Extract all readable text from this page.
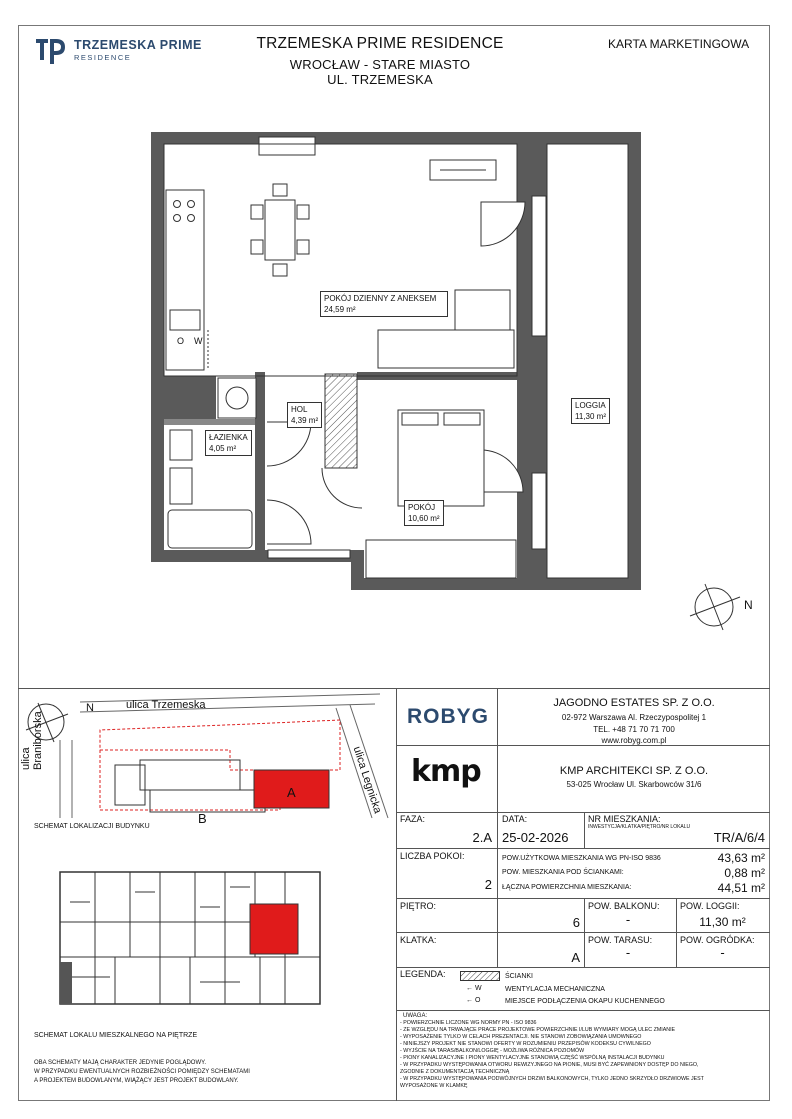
TRZEMESKA PRIME
RESIDENCE
TRZEMESKA PRIME RESIDENCE
WROCŁAW - STARE MIASTO
UL. TRZEMESKA
KARTA MARKETINGOWA
W
O
N
POKÓJ DZIENNY Z ANEKSEM
24,59 m²
LOGGIA
11,30 m²
HOL
4,39 m²
ŁAZIENKA
4,05 m²
POKÓJ
10,60 m²
ulica Trzemeska
ulica Braniborska
ulica Legnicka
N
A
B
SCHEMAT LOKALIZACJI BUDYNKU
SCHEMAT LOKALU MIESZKALNEGO NA PIĘTRZE
OBA SCHEMATY MAJĄ CHARAKTER JEDYNIE POGLĄDOWY.
W PRZYPADKU EWENTUALNYCH ROZBIEŻNOŚCI POMIĘDZY SCHEMATAMI
A PROJEKTEM BUDOWLANYM, WIĄŻĄCY JEST PROJEKT BUDOWLANY.
ROBYG
JAGODNO ESTATES SP. Z O.O.
02-972 Warszawa Al. Rzeczypospolitej 1
TEL. +48 71 70 71 700
www.robyg.com.pl
kmp	KMP ARCHITEKCI SP. Z O.O.
53-025 Wrocław Ul. Skarbowców 31/6
FAZA:
2.A
DATA:
25-02-2026
NR MIESZKANIA:
INWESTYCJA/KLATKA/PIĘTRO/NR LOKALU
TR/A/6/4
LICZBA POKOI:
2
POW.UŻYTKOWA MIESZKANIA WG PN-ISO 9836	43,63 m²
POW. MIESZKANIA POD ŚCIANKAMI:	0,88 m²
ŁĄCZNA POWIERZCHNIA MIESZKANIA:	44,51 m²
PIĘTRO:
6
POW. BALKONU:
-
POW. LOGGII:
11,30 m²
KLATKA:
A
POW. TARASU:
-
POW. OGRÓDKA:
-
LEGENDA:	ŚCIANKI
← W	WENTYLACJA MECHANICZNA
← O	MIEJSCE PODŁĄCZENIA OKAPU KUCHENNEGO
UWAGA:
- POWIERZCHNIE LICZONE WG NORMY PN - ISO 9836
- ZE WZGLĘDU NA TRWAJĄCE PRACE PROJEKTOWE POWIERZCHNIE I/LUB WYMIARY MOGĄ ULEC ZMIANIE
- WYPOSAŻENIE TYLKO W CELACH PREZENTACJI. NIE STANOWI ZOBOWIĄZANIA UMOWNEGO
- NINIEJSZY PROJEKT NIE STANOWI OFERTY W ROZUMIENIU PRZEPISÓW KODEKSU CYWILNEGO
- WYJŚCIE NA TARAS/BALKON/LOGGIĘ - MOŻLIWA RÓŻNICA POZIOMÓW
- PIONY KANALIZACYJNE I PIONY WENTYLACYJNE STANOWIĄ CZĘŚĆ WSPÓLNĄ INSTALACJI BUDYNKU
- W PRZYPADKU WYSTĘPOWANIA OTWORU REWIZYJNEGO NA PIONIE, MUSI BYĆ ZAPEWNIONY DOSTĘP DO NIEGO,
ZGODNIE Z DOKUMENTACJĄ TECHNICZNĄ
- W PRZYPADKU WYSTĘPOWANIA PODWÓJNYCH DRZWI BALKONOWYCH, TYLKO JEDNO SKRZYDŁO DRZWIOWE JEST
WYPOSAŻONE W KLAMKĘ
